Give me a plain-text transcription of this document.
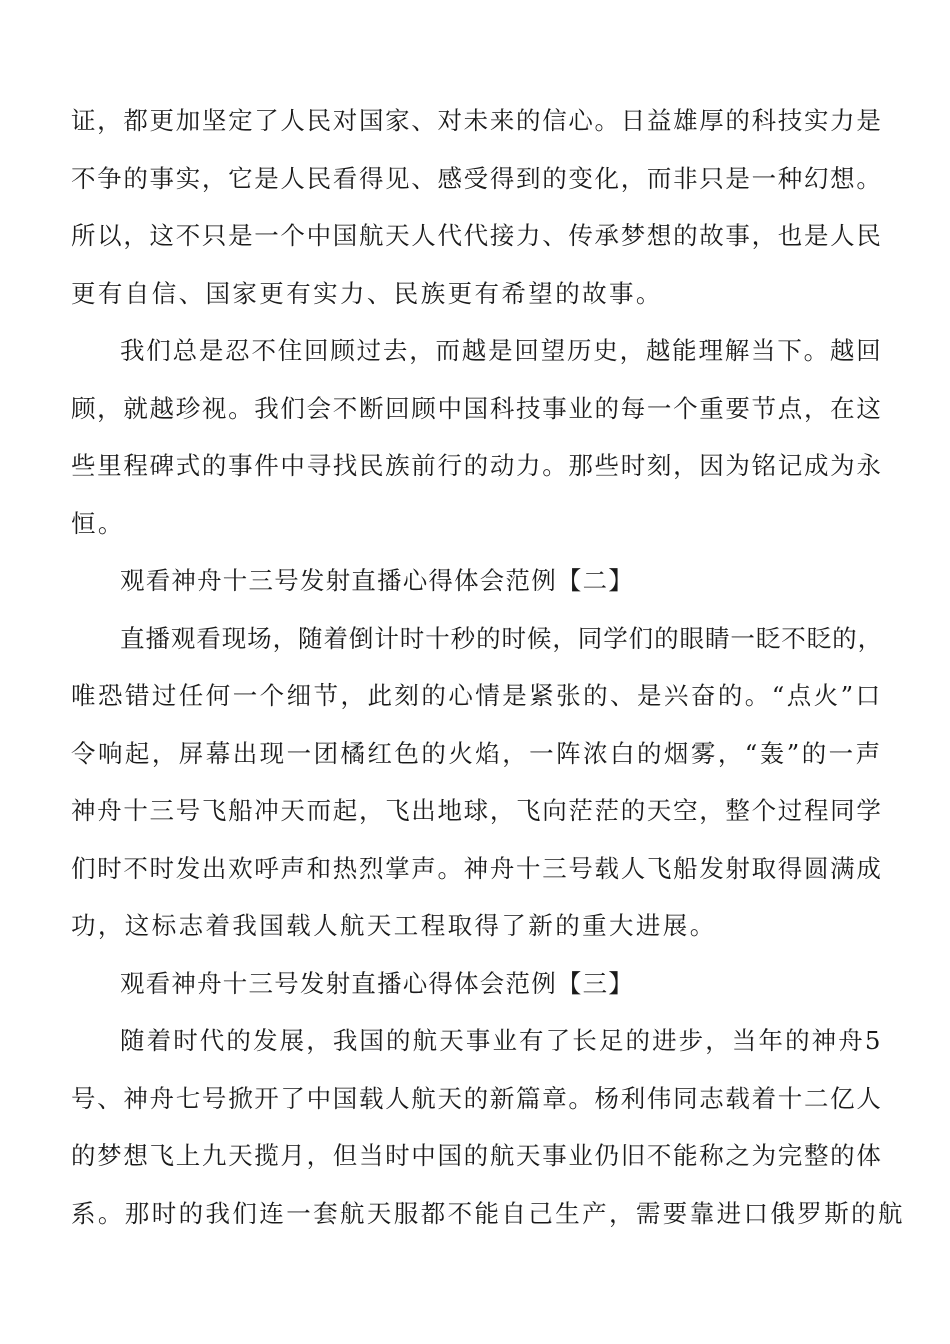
证，都更加坚定了人民对国家、对未来的信心。日益雄厚的科技实力是
不争的事实，它是人民看得见、感受得到的变化，而非只是一种幻想。
所以，这不只是一个中国航天人代代接力、传承梦想的故事，也是人民
更有自信、国家更有实力、民族更有希望的故事。
我们总是忍不住回顾过去，而越是回望历史，越能理解当下。越回
顾，就越珍视。我们会不断回顾中国科技事业的每一个重要节点，在这
些里程碑式的事件中寻找民族前行的动力。那些时刻，因为铭记成为永
恒。
观看神舟十三号发射直播心得体会范例【二】
直播观看现场，随着倒计时十秒的时候，同学们的眼睛一眨不眨的，
唯恐错过任何一个细节，此刻的心情是紧张的、是兴奋的。“点火”口
令响起，屏幕出现一团橘红色的火焰，一阵浓白的烟雾，“轰”的一声
神舟十三号飞船冲天而起，飞出地球，飞向茫茫的天空，整个过程同学
们时不时发出欢呼声和热烈掌声。神舟十三号载人飞船发射取得圆满成
功，这标志着我国载人航天工程取得了新的重大进展。
观看神舟十三号发射直播心得体会范例【三】
随着时代的发展，我国的航天事业有了长足的进步，当年的神舟5
号、神舟七号掀开了中国载人航天的新篇章。杨利伟同志载着十二亿人
的梦想飞上九天揽月，但当时中国的航天事业仍旧不能称之为完整的体
系。那时的我们连一套航天服都不能自己生产，需要靠进口俄罗斯的航
